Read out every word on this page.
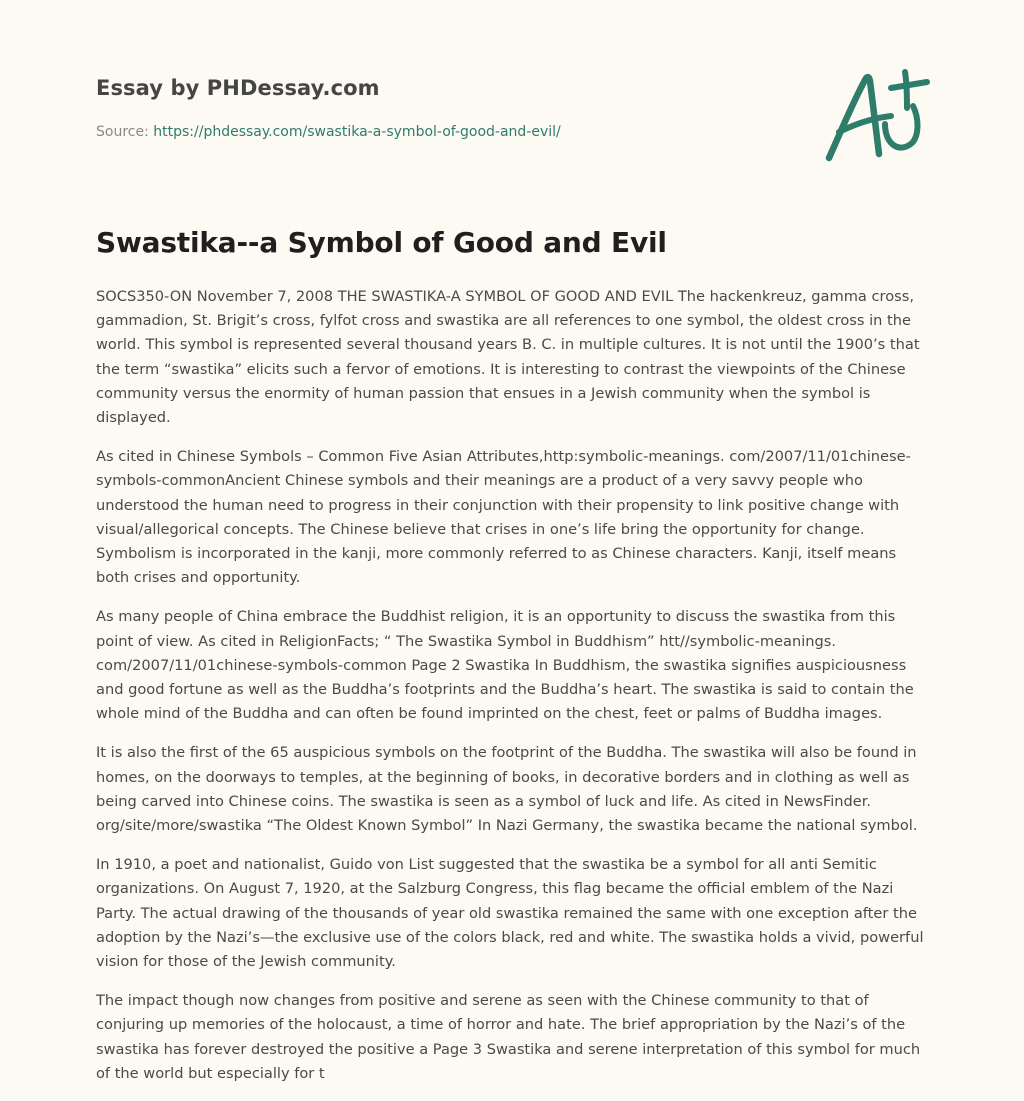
Essay by PHDessay.com
Source: https://phdessay.com/swastika-a-symbol-of-good-and-evil/
Swastika--a Symbol of Good and Evil

SOCS350-ON November 7, 2008 THE SWASTIKA-A SYMBOL OF GOOD AND EVIL The hackenkreuz, gamma cross, gammadion, St. Brigit’s cross, fylfot cross and swastika are all references to one symbol, the oldest cross in the world. This symbol is represented several thousand years B. C. in multiple cultures. It is not until the 1900’s that the term “swastika” elicits such a fervor of emotions. It is interesting to contrast the viewpoints of the Chinese community versus the enormity of human passion that ensues in a Jewish community when the symbol is displayed.

As cited in Chinese Symbols – Common Five Asian Attributes,http:symbolic-meanings. com/2007/11/01chinese-symbols-commonAncient Chinese symbols and their meanings are a product of a very savvy people who understood the human need to progress in their conjunction with their propensity to link positive change with visual/allegorical concepts. The Chinese believe that crises in one’s life bring the opportunity for change. Symbolism is incorporated in the kanji, more commonly referred to as Chinese characters. Kanji, itself means both crises and opportunity.

As many people of China embrace the Buddhist religion, it is an opportunity to discuss the swastika from this point of view. As cited in ReligionFacts; “ The Swastika Symbol in Buddhism” htt//symbolic-meanings. com/2007/11/01chinese-symbols-common Page 2 Swastika In Buddhism, the swastika signifies auspiciousness and good fortune as well as the Buddha’s footprints and the Buddha’s heart. The swastika is said to contain the whole mind of the Buddha and can often be found imprinted on the chest, feet or palms of Buddha images.

It is also the first of the 65 auspicious symbols on the footprint of the Buddha. The swastika will also be found in homes, on the doorways to temples, at the beginning of books, in decorative borders and in clothing as well as being carved into Chinese coins. The swastika is seen as a symbol of luck and life. As cited in NewsFinder. org/site/more/swastika “The Oldest Known Symbol” In Nazi Germany, the swastika became the national symbol.

In 1910, a poet and nationalist, Guido von List suggested that the swastika be a symbol for all anti Semitic organizations. On August 7, 1920, at the Salzburg Congress, this flag became the official emblem of the Nazi Party. The actual drawing of the thousands of year old swastika remained the same with one exception after the adoption by the Nazi’s—the exclusive use of the colors black, red and white. The swastika holds a vivid, powerful vision for those of the Jewish community.

The impact though now changes from positive and serene as seen with the Chinese community to that of conjuring up memories of the holocaust, a time of horror and hate. The brief appropriation by the Nazi’s of the swastika has forever destroyed the positive a Page 3 Swastika and serene interpretation of this symbol for much of the world but especially for t
